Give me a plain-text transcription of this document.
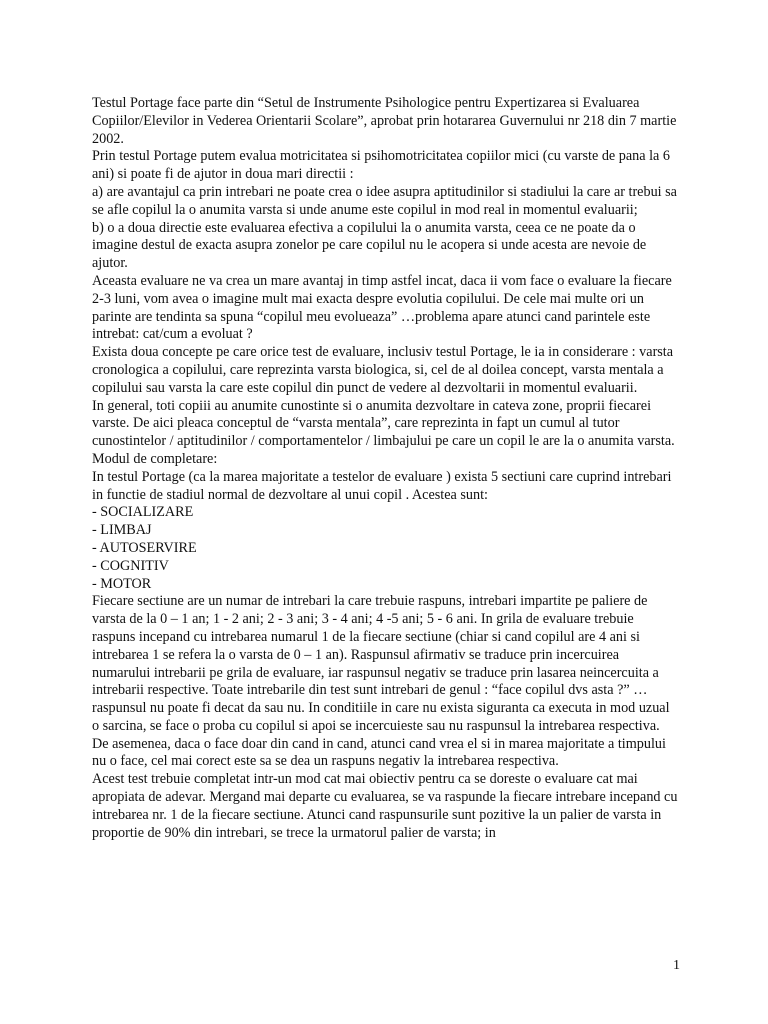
Testul Portage face parte din “Setul de Instrumente Psihologice pentru Expertizarea si Evaluarea Copiilor/Elevilor in Vederea Orientarii Scolare”, aprobat prin hotararea Guvernului nr 218 din 7 martie 2002.

Prin testul Portage putem evalua motricitatea si psihomotricitatea copiilor mici (cu varste de pana la 6 ani) si poate fi de ajutor in doua mari directii :

a) are avantajul ca prin intrebari ne poate crea o idee asupra aptitudinilor si stadiului la care ar trebui sa se afle copilul la o anumita varsta si unde anume este copilul in mod real in momentul evaluarii;

b) o a doua directie este evaluarea efectiva a copilului la o anumita varsta, ceea ce ne poate da o imagine destul de exacta asupra zonelor pe care copilul nu le acopera si unde acesta are nevoie de ajutor.

Aceasta evaluare ne va crea un mare avantaj in timp astfel incat, daca ii vom face o evaluare la fiecare 2-3 luni, vom avea o imagine mult mai exacta despre evolutia copilului. De cele mai multe ori un parinte are tendinta sa spuna “copilul meu evolueaza” …problema apare atunci cand parintele este intrebat: cat/cum a evoluat ?

Exista doua concepte pe care orice test de evaluare, inclusiv testul Portage, le ia in considerare : varsta cronologica a copilului, care reprezinta varsta biologica, si, cel de al doilea concept, varsta mentala a copilului sau varsta la care este copilul din punct de vedere al dezvoltarii in momentul evaluarii.

In general, toti copiii au anumite cunostinte si o anumita dezvoltare in cateva zone, proprii fiecarei varste. De aici pleaca conceptul de “varsta mentala”, care reprezinta in fapt un cumul al tutor cunostintelor / aptitudinilor / comportamentelor / limbajului pe care un copil le are la o anumita varsta.

Modul de completare:

In testul Portage (ca la marea majoritate a testelor de evaluare ) exista 5 sectiuni care cuprind intrebari in functie de stadiul normal de dezvoltare al unui copil . Acestea sunt:

- SOCIALIZARE

- LIMBAJ

- AUTOSERVIRE

- COGNITIV

- MOTOR

Fiecare sectiune are un numar de intrebari la care trebuie raspuns, intrebari impartite pe paliere de varsta de la 0 – 1 an; 1 - 2 ani; 2 - 3 ani; 3 - 4 ani; 4 -5 ani; 5 - 6 ani. In grila de evaluare trebuie raspuns incepand cu intrebarea numarul 1 de la fiecare sectiune (chiar si cand copilul are 4 ani si intrebarea 1 se refera la o varsta de 0 – 1 an). Raspunsul afirmativ se traduce prin incercuirea numarului intrebarii pe grila de evaluare, iar raspunsul negativ se traduce prin lasarea neincercuita a intrebarii respective. Toate intrebarile din test sunt intrebari de genul : “face copilul dvs asta ?” …raspunsul nu poate fi decat da sau nu. In conditiile in care nu exista siguranta ca executa in mod uzual o sarcina, se face o proba cu copilul si apoi se incercuieste sau nu raspunsul la intrebarea respectiva. De asemenea, daca o face doar din cand in cand, atunci cand vrea el si in marea majoritate a timpului nu o face, cel mai corect este sa se dea un raspuns negativ la intrebarea respectiva.

Acest test trebuie completat intr-un mod cat mai obiectiv pentru ca se doreste o evaluare cat mai apropiata de adevar. Mergand mai departe cu evaluarea, se va raspunde la fiecare intrebare incepand cu intrebarea nr. 1 de la fiecare sectiune. Atunci cand raspunsurile sunt pozitive la un palier de varsta in proportie de 90% din intrebari, se trece la urmatorul palier de varsta; in

1
